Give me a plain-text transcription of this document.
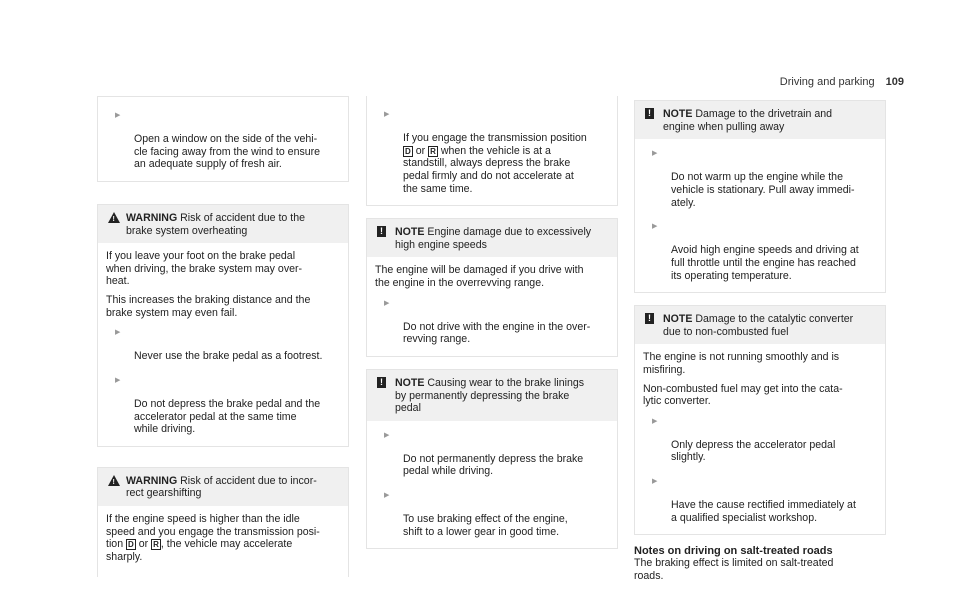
Driving and parking 109

▶

Open a window on the side of the vehi-
cle facing away from the wind to ensure
an adequate supply of fresh air.

!
WARNING Risk of accident due to the
brake system overheating
If you leave your foot on the brake pedal
when driving, the brake system may over-
heat.
This increases the braking distance and the
brake system may even fail.

▶

Never use the brake pedal as a footrest.

▶

Do not depress the brake pedal and the
accelerator pedal at the same time
while driving.

!
WARNING Risk of accident due to incor-
rect gearshifting
If the engine speed is higher than the idle
speed and you engage the transmission posi-
tion D or R , the vehicle may accelerate
sharply.

▶

If you engage the transmission position
D or R when the vehicle is at a
standstill, always depress the brake
pedal firmly and do not accelerate at
the same time.

!	NOTE Engine damage due to excessively
high engine speeds
The engine will be damaged if you drive with
the engine in the overrevving range.

▶

Do not drive with the engine in the over-
revving range.

!	NOTE Causing wear to the brake linings
by permanently depressing the brake
pedal

▶

Do not permanently depress the brake
pedal while driving.

▶

To use braking effect of the engine,
shift to a lower gear in good time.

!	NOTE Damage to the drivetrain and
engine when pulling away

▶

Do not warm up the engine while the
vehicle is stationary. Pull away immedi-
ately.

▶

Avoid high engine speeds and driving at
full throttle until the engine has reached
its operating temperature.

!	NOTE Damage to the catalytic converter
due to non-combusted fuel
The engine is not running smoothly and is
misfiring.
Non-combusted fuel may get into the cata-
lytic converter.

▶

Only depress the accelerator pedal
slightly.

▶

Have the cause rectified immediately at
a qualified specialist workshop.

Notes on driving on salt-treated roads
The braking effect is limited on salt-treated
roads.
